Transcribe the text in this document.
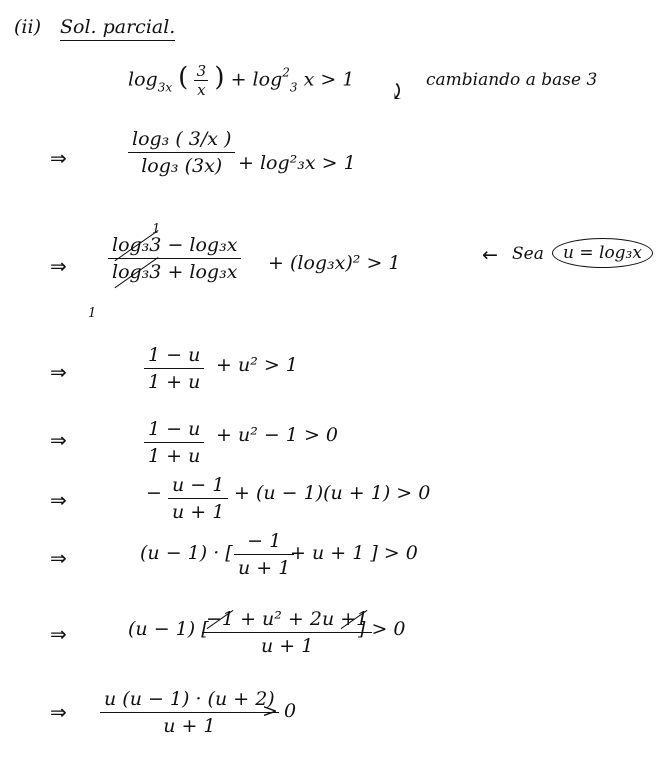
(ii) Sol. parcial.
$\log_{3x}$ ( $\frac{3}{x}$ ) + $\log^2_3 x > 1$
⤸ cambiando a base 3
⇒
log₃ ( 3/x )
log₃ (3x) + log²₃x > 1
⇒
1
log₃3 − log₃x
log₃3 + log₃x
1
+ (log₃x)² > 1	← Sea	u = log₃x
⇒
1 − u
1 + u
+ u² > 1
⇒	1 − u
1 + u
+ u² − 1 > 0
⇒	− u − 1
u + 1
+ (u − 1)(u + 1) > 0
⇒	(u − 1) · [
− 1
u + 1
+ u + 1 ] > 0
⇒	(u − 1) [
−1 + u² + 2u +1
u + 1
] > 0
⇒
u (u − 1) · (u + 2)
u + 1
> 0
